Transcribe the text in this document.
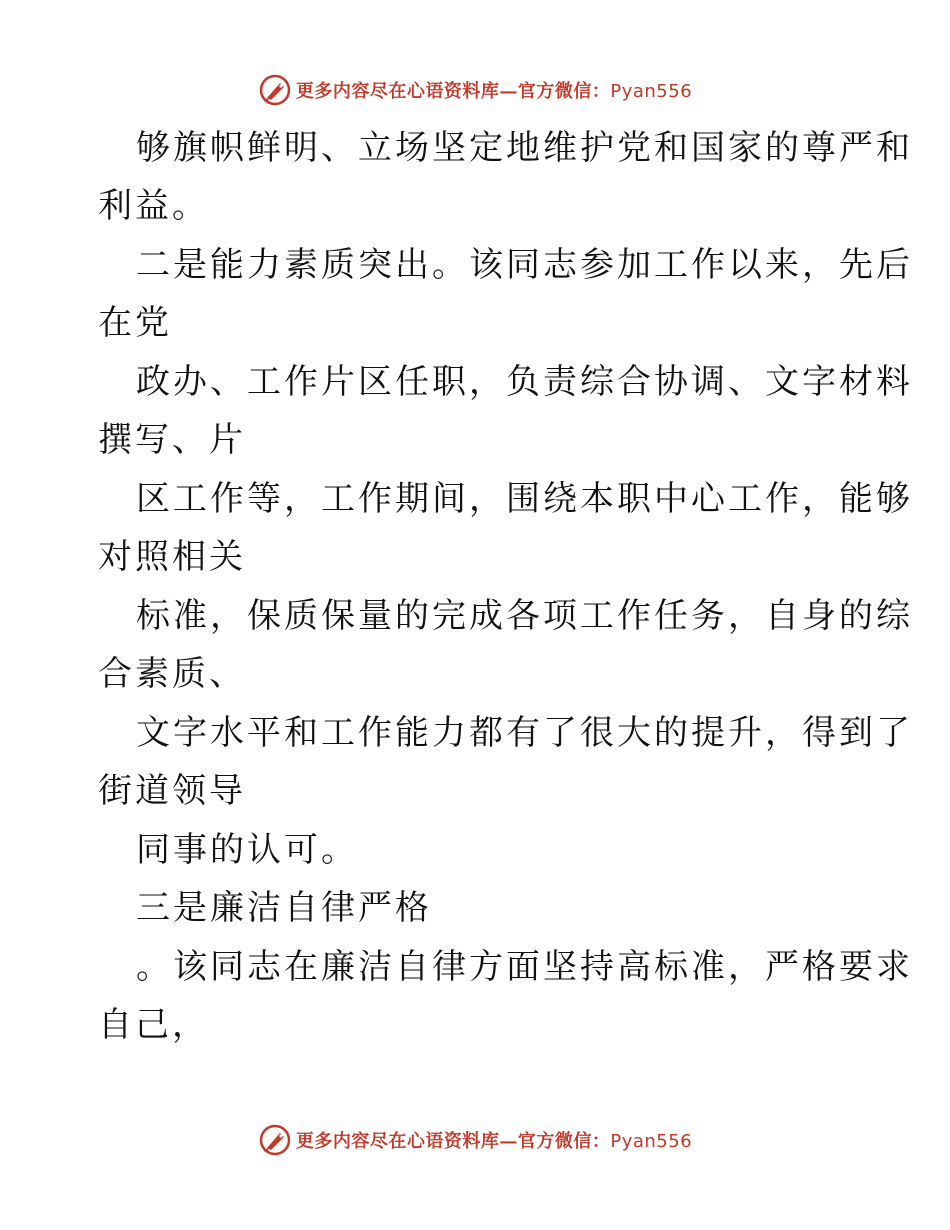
更多内容尽在心语资料库—官方微信：Pyan556
够旗帜鲜明、立场坚定地维护党和国家的尊严和
利益。
二是能力素质突出。该同志参加工作以来，先后
在党
政办、工作片区任职，负责综合协调、文字材料
撰写、片
区工作等，工作期间，围绕本职中心工作，能够
对照相关
标准，保质保量的完成各项工作任务，自身的综
合素质、
文字水平和工作能力都有了很大的提升，得到了
街道领导
同事的认可。
三是廉洁自律严格
。该同志在廉洁自律方面坚持高标准，严格要求
自己，
更多内容尽在心语资料库—官方微信：Pyan556
